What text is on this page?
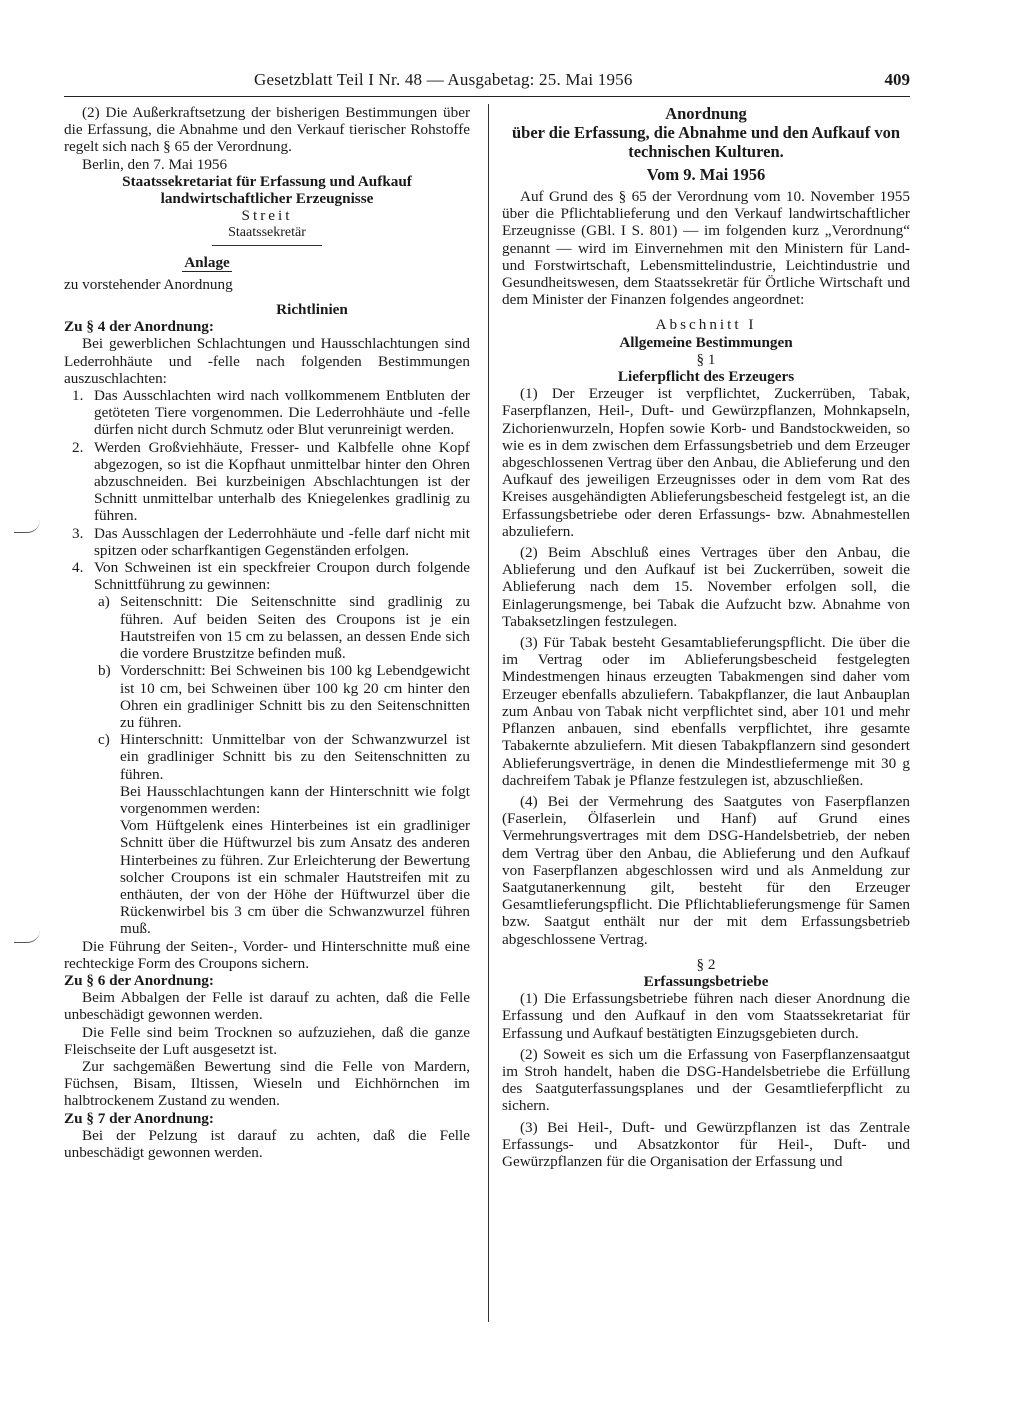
Gesetzblatt Teil I Nr. 48 — Ausgabetag: 25. Mai 1956	409

(2) Die Außerkraftsetzung der bisherigen Bestimmungen über die Erfassung, die Abnahme und den Verkauf tierischer Rohstoffe regelt sich nach § 65 der Verordnung.

Berlin, den 7. Mai 1956

Staatssekretariat für Erfassung und Aufkauf landwirtschaftlicher Erzeugnisse

Streit

Staatssekretär

Anlage

zu vorstehender Anordnung

Richtlinien

Zu § 4 der Anordnung:

Bei gewerblichen Schlachtungen und Hausschlachtungen sind Lederrohhäute und -felle nach folgenden Bestimmungen auszuschlachten:

1. Das Ausschlachten wird nach vollkommenem Entbluten der getöteten Tiere vorgenommen. Die Lederrohhäute und -felle dürfen nicht durch Schmutz oder Blut verunreinigt werden.
2. Werden Großviehhäute, Fresser- und Kalbfelle ohne Kopf abgezogen, so ist die Kopfhaut unmittelbar hinter den Ohren abzuschneiden. Bei kurzbeinigen Abschlachtungen ist der Schnitt unmittelbar unterhalb des Kniegelenkes gradlinig zu führen.
3. Das Ausschlagen der Lederrohhäute und -felle darf nicht mit spitzen oder scharfkantigen Gegenständen erfolgen.
4. Von Schweinen ist ein speckfreier Croupon durch folgende Schnittführung zu gewinnen:
a) Seitenschnitt: Die Seitenschnitte sind gradlinig zu führen. Auf beiden Seiten des Croupons ist je ein Hautstreifen von 15 cm zu belassen, an dessen Ende sich die vordere Brustzitze befinden muß.
b) Vorderschnitt: Bei Schweinen bis 100 kg Lebendgewicht ist 10 cm, bei Schweinen über 100 kg 20 cm hinter den Ohren ein gradliniger Schnitt bis zu den Seitenschnitten zu führen.
c) Hinterschnitt: Unmittelbar von der Schwanzwurzel ist ein gradliniger Schnitt bis zu den Seitenschnitten zu führen.

Bei Hausschlachtungen kann der Hinterschnitt wie folgt vorgenommen werden:

Vom Hüftgelenk eines Hinterbeines ist ein gradliniger Schnitt über die Hüftwurzel bis zum Ansatz des anderen Hinterbeines zu führen. Zur Erleichterung der Bewertung solcher Croupons ist ein schmaler Hautstreifen mit zu enthäuten, der von der Höhe der Hüftwurzel über die Rückenwirbel bis 3 cm über die Schwanzwurzel führen muß.

Die Führung der Seiten-, Vorder- und Hinterschnitte muß eine rechteckige Form des Croupons sichern.

Zu § 6 der Anordnung:

Beim Abbalgen der Felle ist darauf zu achten, daß die Felle unbeschädigt gewonnen werden.

Die Felle sind beim Trocknen so aufzuziehen, daß die ganze Fleischseite der Luft ausgesetzt ist.

Zur sachgemäßen Bewertung sind die Felle von Mardern, Füchsen, Bisam, Iltissen, Wieseln und Eichhörnchen im halbtrockenem Zustand zu wenden.

Zu § 7 der Anordnung:

Bei der Pelzung ist darauf zu achten, daß die Felle unbeschädigt gewonnen werden.

Anordnung

über die Erfassung, die Abnahme und den Aufkauf von technischen Kulturen.

Vom 9. Mai 1956

Auf Grund des § 65 der Verordnung vom 10. November 1955 über die Pflichtablieferung und den Verkauf landwirtschaftlicher Erzeugnisse (GBl. I S. 801) — im folgenden kurz „Verordnung“ genannt — wird im Einvernehmen mit den Ministern für Land- und Forstwirtschaft, Lebensmittelindustrie, Leichtindustrie und Gesundheitswesen, dem Staatssekretär für Örtliche Wirtschaft und dem Minister der Finanzen folgendes angeordnet:

Abschnitt I

Allgemeine Bestimmungen

§ 1

Lieferpflicht des Erzeugers

(1) Der Erzeuger ist verpflichtet, Zuckerrüben, Tabak, Faserpflanzen, Heil-, Duft- und Gewürzpflanzen, Mohnkapseln, Zichorienwurzeln, Hopfen sowie Korb- und Bandstockweiden, so wie es in dem zwischen dem Erfassungsbetrieb und dem Erzeuger abgeschlossenen Vertrag über den Anbau, die Ablieferung und den Aufkauf des jeweiligen Erzeugnisses oder in dem vom Rat des Kreises ausgehändigten Ablieferungsbescheid festgelegt ist, an die Erfassungsbetriebe oder deren Erfassungs- bzw. Abnahmestellen abzuliefern.

(2) Beim Abschluß eines Vertrages über den Anbau, die Ablieferung und den Aufkauf ist bei Zuckerrüben, soweit die Ablieferung nach dem 15. November erfolgen soll, die Einlagerungsmenge, bei Tabak die Aufzucht bzw. Abnahme von Tabaksetzlingen festzulegen.

(3) Für Tabak besteht Gesamtablieferungspflicht. Die über die im Vertrag oder im Ablieferungsbescheid festgelegten Mindestmengen hinaus erzeugten Tabakmengen sind daher vom Erzeuger ebenfalls abzuliefern. Tabakpflanzer, die laut Anbauplan zum Anbau von Tabak nicht verpflichtet sind, aber 101 und mehr Pflanzen anbauen, sind ebenfalls verpflichtet, ihre gesamte Tabakernte abzuliefern. Mit diesen Tabakpflanzern sind gesondert Ablieferungsverträge, in denen die Mindestliefermenge mit 30 g dachreifem Tabak je Pflanze festzulegen ist, abzuschließen.

(4) Bei der Vermehrung des Saatgutes von Faserpflanzen (Faserlein, Ölfaserlein und Hanf) auf Grund eines Vermehrungsvertrages mit dem DSG-Handelsbetrieb, der neben dem Vertrag über den Anbau, die Ablieferung und den Aufkauf von Faserpflanzen abgeschlossen wird und als Anmeldung zur Saatgutanerkennung gilt, besteht für den Erzeuger Gesamtlieferungspflicht. Die Pflichtablieferungsmenge für Samen bzw. Saatgut enthält nur der mit dem Erfassungsbetrieb abgeschlossene Vertrag.

§ 2

Erfassungsbetriebe

(1) Die Erfassungsbetriebe führen nach dieser Anordnung die Erfassung und den Aufkauf in den vom Staatssekretariat für Erfassung und Aufkauf bestätigten Einzugsgebieten durch.

(2) Soweit es sich um die Erfassung von Faserpflanzensaatgut im Stroh handelt, haben die DSG-Handelsbetriebe die Erfüllung des Saatguterfassungsplanes und der Gesamtlieferpflicht zu sichern.

(3) Bei Heil-, Duft- und Gewürzpflanzen ist das Zentrale Erfassungs- und Absatzkontor für Heil-, Duft- und Gewürzpflanzen für die Organisation der Erfassung und
